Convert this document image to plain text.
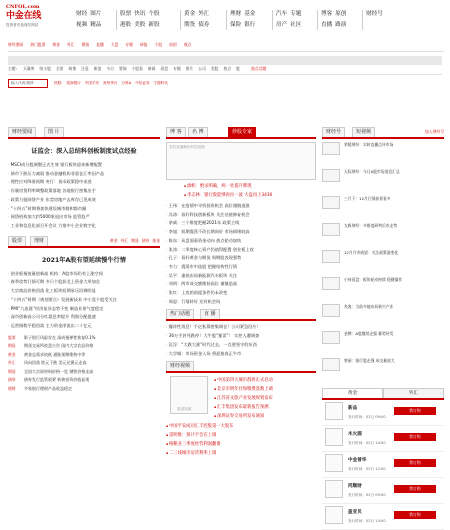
CNFOL.com
中金在线
投资者首选财经网站
财经 图片
视频 精品
股票 快讯 个股
港股 美股 新股
黄金 外汇
期货 债券
理财 基金
保险 银行
汽车 专题
房产 社区
博客 原创
直播 路演
财经号
财经要闻 热门股票 黄金 外汇 期货 直播 大盘 专题 研报 个股 原创 观点
主题: 天量库 啥小股 全景 萌推 注意 新浪 今日 要闻 个股看 新闻 看盘 专题 图片 公司 美股 热点 股	视点话题
输入代码/简拼	热股: 招商银行 中国平安 贵州茅台 万科A 中信证券 宁德时代
财经要闻	图 片
证监会：深入总结科创板制度试点经验
· MSCI成分股调整正式生效 银行板块迎来新增配置
· 债市下跌压力减弱 推动金融机构非重仓汇率因产品
· 理性应对降准预期 央行：货币政策稳中求进
· 存量房贷利率调整政策落地 各地银行密集出手
· 政策力挺网贷产业 东莞房地产去库存已见成效
· “十四五”时期将加快建设城市群和都市圈
· 网贷机构加大约5000家退出市场 监管趋严
· 工业和信息化部召开会议 力推中小企业数字化
股票	理财	黄金 外汇 期货 债券 基金
2021年A股有望延续慢牛行情
· 创业板指放量创新高 机构：A股市场仍有上涨空间
· 春季攻势行情可期 多只个股获北上资金大举加仓
· 大宗商品价格回落 化工板块短期承压回调明显
· “十四五”时期（规划要点）发展新技术 中小盘个股受关注
· PMI“九连涨”经济复苏态势不变 制造业景气度稳定
· 深市创新高公司分红派息率提升 利润分配提速
· 运营指数平稳回落 主力资金净流出二十亿元
股票 影子银行风险存在 深成指弹性恢复0.1%
期货 期货交易所夜盘公告 国内大宗农品价格
黄金 黄金总需求较低 通胀预期维持中等
外汇 风向回落 欧元下跌 美元兑澳元走高
期货 全国大宗原材料价格一览 钢铁价格走高
债券 债券发行监管收紧 转债投资价值显现
理财 多家银行理财产品收益稳定
博 客	名 博	炒股专家
实时直播解析科技指数
▪ 旗帜：绝杀明确，两一处提升牌现
▪ 李志林：银行股能够再拉一波 大盘再上3430
· 王伟：在疫情中寻找投资机会 高位谨慎追涨
· 冯涛：看好科技创新板块 关注估值修复机会
· 余威：三个维度把握2021年 政策主线
· 李旭：短期震荡不改长期向好 市场情绪较高
· 陈东：从盘面看资金动向 热点轮动加快
· 张涛：二季度核心资产仍值得配置 创业板上攻
· 孔子：看好黄金与期货 周期股表现强势
· 韦力：震荡市中选股 把握结构性行情
· 吴平：逢低布局新能源汽车板块 关注
· 刘明：两市成交额维持高位 谨慎追高
· 张红：上攻的前提条件仍未改变
· 周思：行情转好 还有机会吗
热门话题	直 播
· 爆炸性消息！千亿私募密集调仓！公司紧急回应！
· 36万手封死跌停！大牛股“暴雷”！ 实控人遭调查
· 沉浮：“大跌大涨”时代过去，一点要坚守的东西
· 大学城：市场资金入场 将迎接真正牛市
财经视频
原创视频
▪ 中国第四大城市群将正式启动
▪ 北京市明年社保缴费基数上调
▪ 江苏省文旅产业发展规划发布
▪ 汇丰集团发布最新报告预测
▪ 深圳证券交易所发布通知
▪ 中国平安成功汇丰控股第一大股东
▪ 雷明维：预计不会在上调
▪ 格鹅业三季度经营利润翻番
▪ 二三线城市房贷利率上调
财经号	短视频	加入财经号
荣媛财经：实时直播点评市场
天际财经：今日A股市场消息汇总
三月下：12月行情前景看多
太极财经：多维度研判后市走势
12月月市展望：关注政策面变化
小何看盘：板块轮动持续 稳健操作
麦客：当前多地布局新兴产业
金牌：A股继续走强 蓄势待发
曾丽：银行股走强 成交量放大
黄金	外汇
新品
发行时间：02日 09:00
我订购
木火圆
发行时间：02日 14:00
我订购
中金普华
发行时间：02日 12:00
我订购
同顺财
发行时间：02日 09:00
我订购
盈亚贝
发行时间：02日 14:00
我订购
